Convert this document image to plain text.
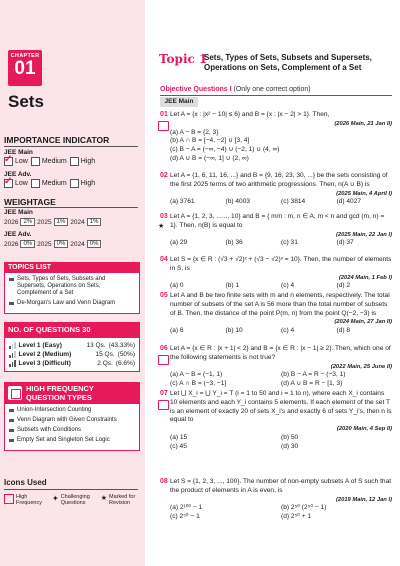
CHAPTER
01
Sets
IMPORTANCE INDICATOR
JEE Main
✓
Low Medium High
JEE Adv.
✓
Low Medium High
WEIGHTAGE
JEE Main
2026 2% 2025 1% 2024 1%
JEE Adv.
2026 0% 2025 0% 2024 0%
TOPICS LIST
Sets, Types of Sets, Subsets and Supersets, Operations on Sets, Complement of a Set
De-Morgan's Law and Venn Diagram
NO. OF QUESTIONS 30
Level 1 (Easy)	13 Qs. (43.33%)
Level 2 (Medium)	15 Qs. (50%)
Level 3 (Difficult)	2 Qs. (6.6%)
HIGH FREQUENCY
QUESTION TYPES
Union-Intersection Counting
Venn Diagram with Given Constraints
Subsets with Conditions
Empty Set and Singleton Set Logic
Icons Used
High Frequency	✦ Challenging Questions
★ Marked for Revision
Topic 1
Sets, Types of Sets, Subsets and Supersets, Operations on Sets, Complement of a Set
Objective Questions I (Only one correct option)
JEE Main
01 Let A = {x : |x² − 10| ≤ 6} and B = {x : |x − 2| > 1}. Then,
(2026 Main, 21 Jan II)
(a) A − B = {2, 3}
(b) A ∩ B = [−4, −2] ∪ [3, 4]
(c) B − A = (−∞, −4) ∪ (−2, 1) ∪ (4, ∞)
(d) A ∪ B = (−∞, 1] ∪ (2, ∞)
02 Let A = {1, 6, 11, 16, ...} and B = {9, 16, 23, 30, ...} be the sets consisting of the first 2025 terms of two arithmetic progressions. Then, n(A ∪ B) is
(2025 Main, 4 April I)
(a) 3761	(b) 4003	(c) 3814	(d) 4027
03
★
Let A = {1, 2, 3, ......, 10} and B = { m/n : m, n ∈ A, m < n and gcd (m, n) = 1}. Then, n(B) is equal to
(2025 Main, 22 Jan I)
(a) 29	(b) 36	(c) 31	(d) 37
04 Let S = {x ∈ R : (√3 + √2)ˣ + (√3 − √2)ˣ = 10}. Then, the number of elements in S, is
(2024 Main, 1 Feb I)
(a) 0	(b) 1	(c) 4	(d) 2
05 Let A and B be two finite sets with m and n elements, respectively. The total number of subsets of the set A is 56 more than the total number of subsets of B. Then, the distance of the point P(m, n) from the point Q(−2, −3) is
(2024 Main, 27 Jan II)
(a) 6	(b) 10	(c) 4	(d) 8
06 Let A = {x ∈ R : |x + 1| < 2} and B = {x ∈ R : |x − 1| ≥ 2}. Then, which one of the following statements is not true?
(2022 Main, 25 June II)
(a) A − B = (−1, 1)	(b) B − A = R − (−3, 1)
(c) A ∩ B = (−3, −1]	(d) A ∪ B = R − [1, 3)
07 Let ⋃ X_i = ⋃ Y_i = T (i = 1 to 50 and i = 1 to n), where each X_i contains 10 elements and each Y_i contains 5 elements. If each element of the set T is an element of exactly 20 of sets X_i's and exactly 6 of sets Y_i's, then n is equal to
(2020 Main, 4 Sep II)
(a) 15	(b) 50
(c) 45	(d) 30
08 Let S = {1, 2, 3, ..., 100}. The number of non-empty subsets A of S such that the product of elements in A is even, is
(2019 Main, 12 Jan I)
(a) 2¹⁰⁰ − 1	(b) 2⁵⁰ (2⁵⁰ − 1)
(c) 2⁵⁰ − 1	(d) 2⁵⁰ + 1
